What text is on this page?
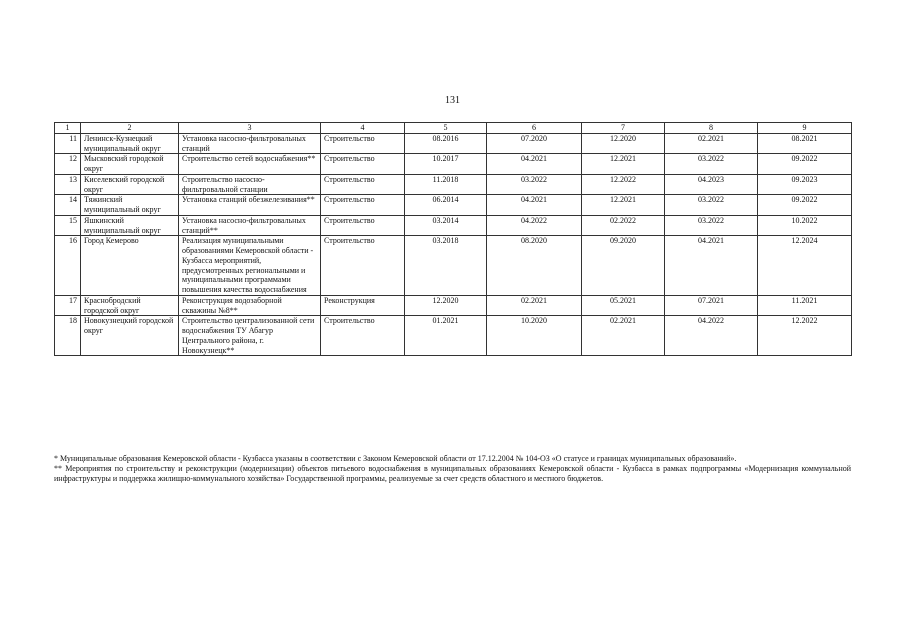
131
1	2	3	4	5	6	7	8	9
11	Ленинск-Кузнецкий муниципальный округ	Установка насосно-фильтровальных станций	Строительство	08.2016	07.2020	12.2020	02.2021	08.2021
12	Мысковский городской округ	Строительство сетей водоснабжения**	Строительство	10.2017	04.2021	12.2021	03.2022	09.2022
13	Киселевский городской округ	Строительство насосно-фильтровальной станции	Строительство	11.2018	03.2022	12.2022	04.2023	09.2023
14	Тяжинский муниципальный округ	Установка станций обезжелезивания**	Строительство	06.2014	04.2021	12.2021	03.2022	09.2022
15	Яшкинский муниципальный округ	Установка насосно-фильтровальных станций**	Строительство	03.2014	04.2022	02.2022	03.2022	10.2022
16	Город Кемерово	Реализация муниципальными образованиями Кемеровской области - Кузбасса мероприятий, предусмотренных региональными и муниципальными программами повышения качества водоснабжения	Строительство	03.2018	08.2020	09.2020	04.2021	12.2024
17	Краснобродский городской округ	Реконструкция водозаборной скважины №8**	Реконструкция	12.2020	02.2021	05.2021	07.2021	11.2021
18	Новокузнецкий городской округ	Строительство централизованной сети водоснабжения ТУ Абагур Центрального района, г. Новокузнецк**	Строительство	01.2021	10.2020	02.2021	04.2022	12.2022

* Муниципальные образования Кемеровской области - Кузбасса указаны в соответствии с Законом Кемеровской области от 17.12.2004 № 104-ОЗ «О статусе и границах муниципальных образований».

** Мероприятия по строительству и реконструкции (модернизации) объектов питьевого водоснабжения в муниципальных образованиях Кемеровской области - Кузбасса в рамках подпрограммы «Модернизация коммунальной инфраструктуры и поддержка жилищно-коммунального хозяйства» Государственной программы, реализуемые за счет средств областного и местного бюджетов.
